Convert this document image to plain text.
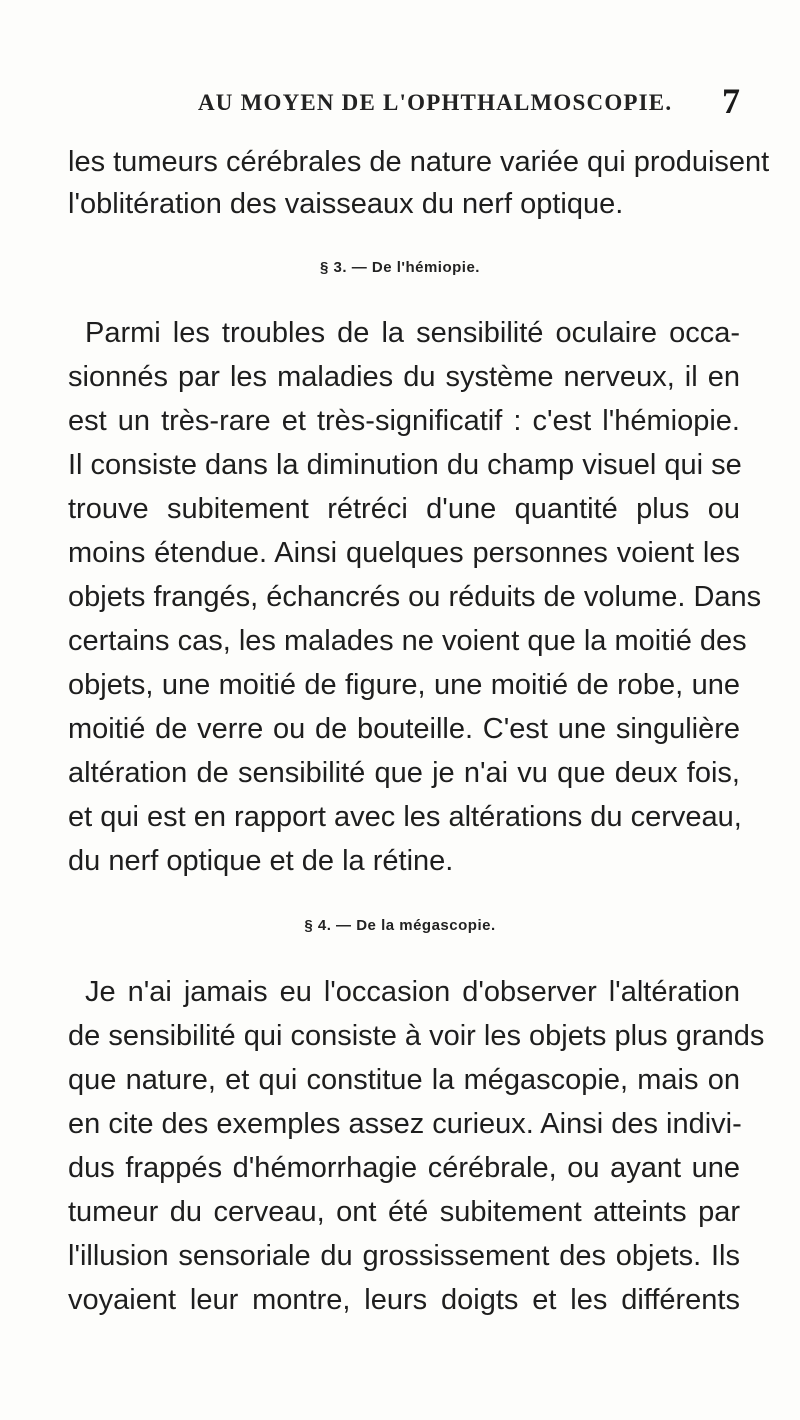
AU MOYEN DE L'OPHTHALMOSCOPIE. 7
les tumeurs cérébrales de nature variée qui produisent
l'oblitération des vaisseaux du nerf optique.
§ 3. — De l'hémiopie.
Parmi les troubles de la sensibilité oculaire occa-
sionnés par les maladies du système nerveux, il en
est un très-rare et très-significatif : c'est l'hémiopie.
Il consiste dans la diminution du champ visuel qui se
trouve subitement rétréci d'une quantité plus ou
moins étendue. Ainsi quelques personnes voient les
objets frangés, échancrés ou réduits de volume. Dans
certains cas, les malades ne voient que la moitié des
objets, une moitié de figure, une moitié de robe, une
moitié de verre ou de bouteille. C'est une singulière
altération de sensibilité que je n'ai vu que deux fois,
et qui est en rapport avec les altérations du cerveau,
du nerf optique et de la rétine.
§ 4. — De la mégascopie.
Je n'ai jamais eu l'occasion d'observer l'altération
de sensibilité qui consiste à voir les objets plus grands
que nature, et qui constitue la mégascopie, mais on
en cite des exemples assez curieux. Ainsi des indivi-
dus frappés d'hémorrhagie cérébrale, ou ayant une
tumeur du cerveau, ont été subitement atteints par
l'illusion sensoriale du grossissement des objets. Ils
voyaient leur montre, leurs doigts et les différents
